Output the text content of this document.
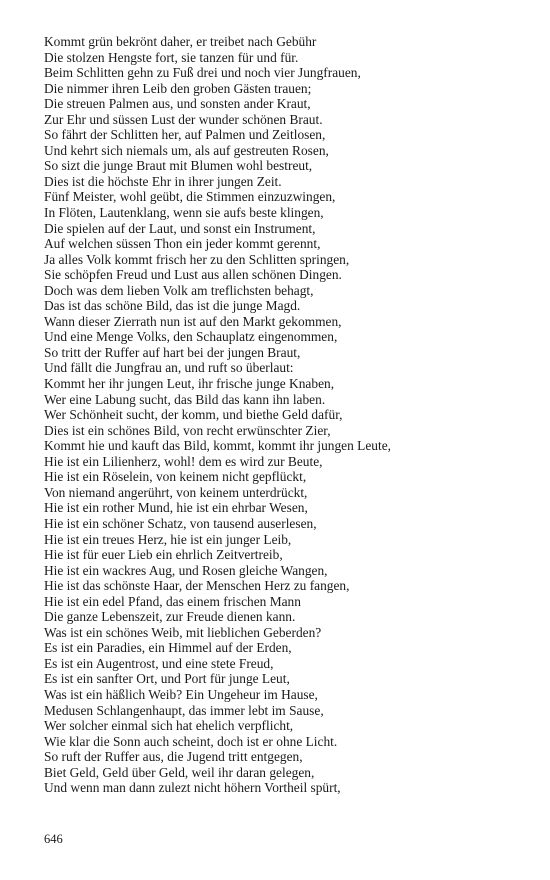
Kommt grün bekrönt daher, er treibet nach Gebühr
Die stolzen Hengste fort, sie tanzen für und für.
Beim Schlitten gehn zu Fuß drei und noch vier Jungfrauen,
Die nimmer ihren Leib den groben Gästen trauen;
Die streuen Palmen aus, und sonsten ander Kraut,
Zur Ehr und süssen Lust der wunder schönen Braut.
So fährt der Schlitten her, auf Palmen und Zeitlosen,
Und kehrt sich niemals um, als auf gestreuten Rosen,
So sizt die junge Braut mit Blumen wohl bestreut,
Dies ist die höchste Ehr in ihrer jungen Zeit.
Fünf Meister, wohl geübt, die Stimmen einzuzwingen,
In Flöten, Lautenklang, wenn sie aufs beste klingen,
Die spielen auf der Laut, und sonst ein Instrument,
Auf welchen süssen Thon ein jeder kommt gerennt,
Ja alles Volk kommt frisch her zu den Schlitten springen,
Sie schöpfen Freud und Lust aus allen schönen Dingen.
Doch was dem lieben Volk am treflichsten behagt,
Das ist das schöne Bild, das ist die junge Magd.
Wann dieser Zierrath nun ist auf den Markt gekommen,
Und eine Menge Volks, den Schauplatz eingenommen,
So tritt der Ruffer auf hart bei der jungen Braut,
Und fällt die Jungfrau an, und ruft so überlaut:
Kommt her ihr jungen Leut, ihr frische junge Knaben,
Wer eine Labung sucht, das Bild das kann ihn laben.
Wer Schönheit sucht, der komm, und biethe Geld dafür,
Dies ist ein schönes Bild, von recht erwünschter Zier,
Kommt hie und kauft das Bild, kommt, kommt ihr jungen Leute,
Hie ist ein Lilienherz, wohl! dem es wird zur Beute,
Hie ist ein Röselein, von keinem nicht gepflückt,
Von niemand angerührt, von keinem unterdrückt,
Hie ist ein rother Mund, hie ist ein ehrbar Wesen,
Hie ist ein schöner Schatz, von tausend auserlesen,
Hie ist ein treues Herz, hie ist ein junger Leib,
Hie ist für euer Lieb ein ehrlich Zeitvertreib,
Hie ist ein wackres Aug, und Rosen gleiche Wangen,
Hie ist das schönste Haar, der Menschen Herz zu fangen,
Hie ist ein edel Pfand, das einem frischen Mann
Die ganze Lebenszeit, zur Freude dienen kann.
Was ist ein schönes Weib, mit lieblichen Geberden?
Es ist ein Paradies, ein Himmel auf der Erden,
Es ist ein Augentrost, und eine stete Freud,
Es ist ein sanfter Ort, und Port für junge Leut,
Was ist ein häßlich Weib? Ein Ungeheur im Hause,
Medusen Schlangenhaupt, das immer lebt im Sause,
Wer solcher einmal sich hat ehelich verpflicht,
Wie klar die Sonn auch scheint, doch ist er ohne Licht.
So ruft der Ruffer aus, die Jugend tritt entgegen,
Biet Geld, Geld über Geld, weil ihr daran gelegen,
Und wenn man dann zulezt nicht höhern Vortheil spürt,
646
